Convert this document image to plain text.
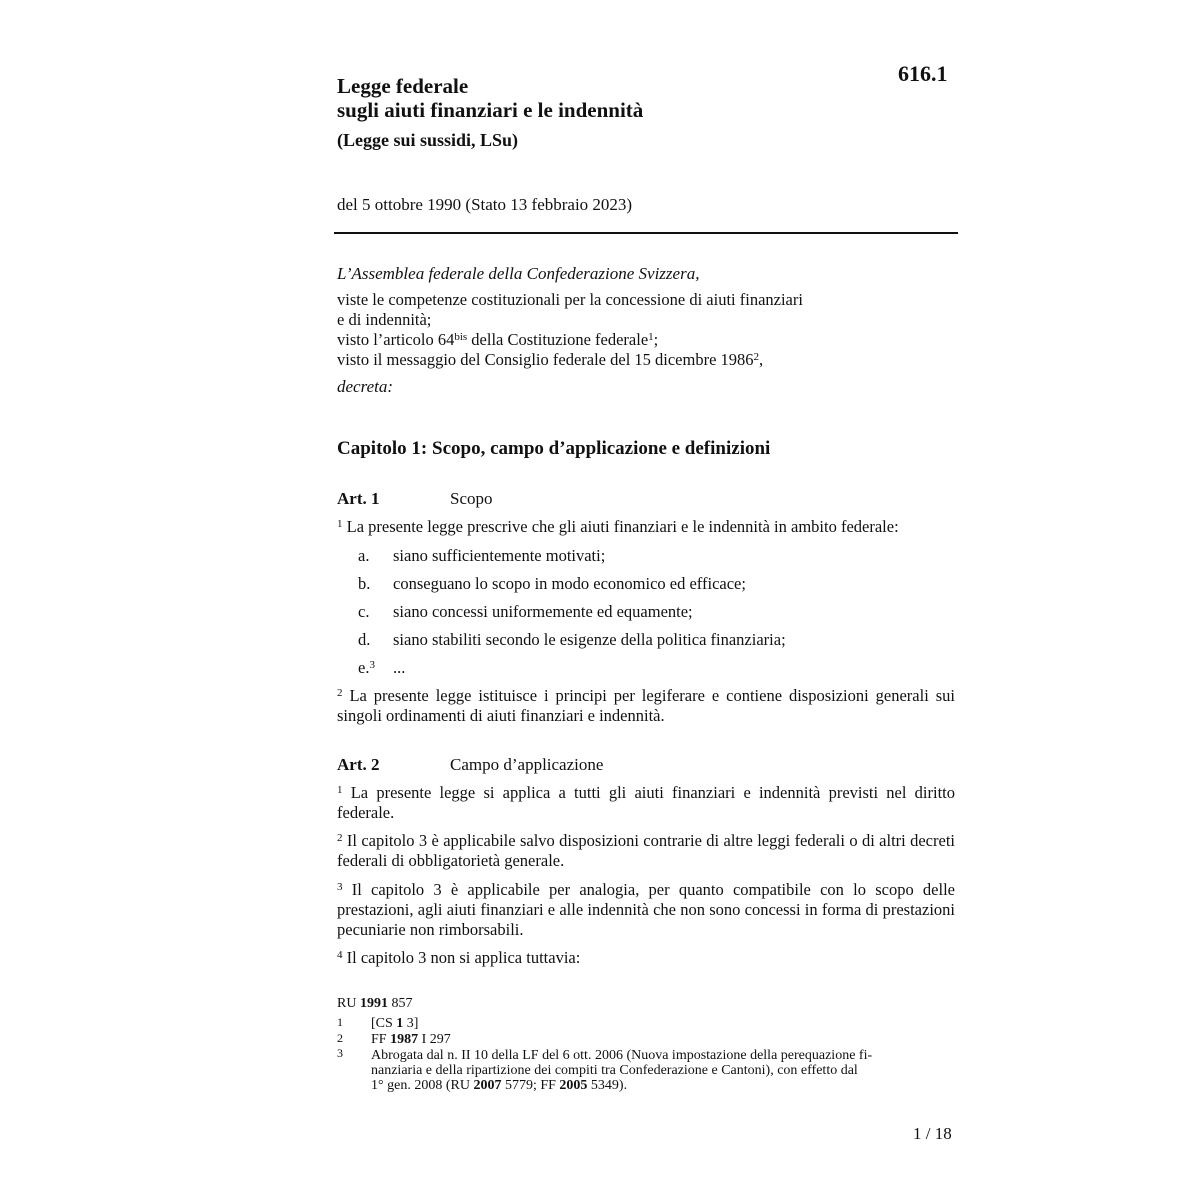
Legge federale
sugli aiuti finanziari e le indennità
(Legge sui sussidi, LSu)
616.1
del 5 ottobre 1990 (Stato 13 febbraio 2023)
L’Assemblea federale della Confederazione Svizzera,
viste le competenze costituzionali per la concessione di aiuti finanziari
e di indennità;
visto l’articolo $64^{bis}$ della Costituzione federale$^1$;
visto il messaggio del Consiglio federale del 15 dicembre 1986$^2$,
decreta:
Capitolo 1: Scopo, campo d’applicazione e definizioni
Art. 1	Scopo
$^1$ La presente legge prescrive che gli aiuti finanziari e le indennità in ambito federale:
a. siano sufficientemente motivati;
b. conseguano lo scopo in modo economico ed efficace;
c. siano concessi uniformemente ed equamente;
d. siano stabiliti secondo le esigenze della politica finanziaria;
e.$^3$ ...
$^2$ La presente legge istituisce i principi per legiferare e contiene disposizioni generali sui singoli ordinamenti di aiuti finanziari e indennità.
Art. 2	Campo d’applicazione
$^1$ La presente legge si applica a tutti gli aiuti finanziari e indennità previsti nel diritto federale.
$^2$ Il capitolo 3 è applicabile salvo disposizioni contrarie di altre leggi federali o di altri decreti federali di obbligatorietà generale.
$^3$ Il capitolo 3 è applicabile per analogia, per quanto compatibile con lo scopo delle prestazioni, agli aiuti finanziari e alle indennità che non sono concessi in forma di prestazioni pecuniarie non rimborsabili.
$^4$ Il capitolo 3 non si applica tuttavia:
RU 1991 857
1 [CS 1 3]
2 FF 1987 I 297
3 Abrogata dal n. II 10 della LF del 6 ott. 2006 (Nuova impostazione della perequazione fi-
nanziaria e della ripartizione dei compiti tra Confederazione e Cantoni), con effetto dal
1° gen. 2008 (RU 2007 5779; FF 2005 5349).
1 / 18
